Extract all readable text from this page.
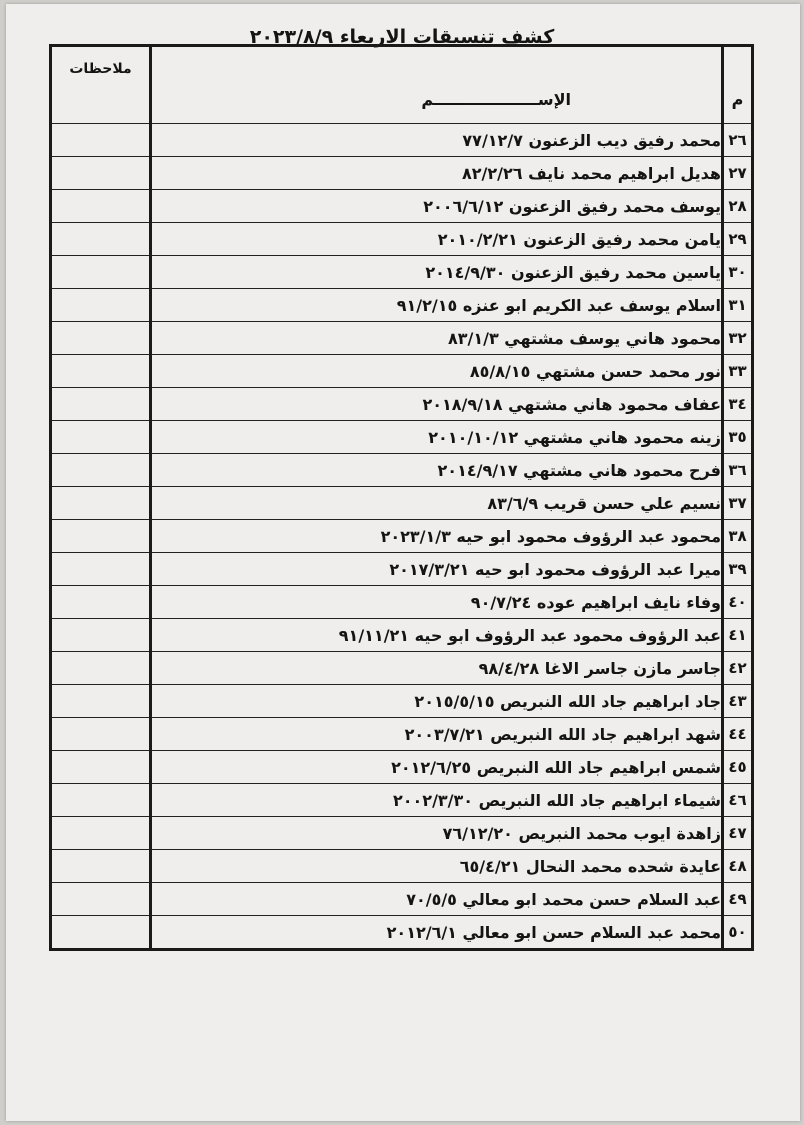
كشف تنسيقات الاربعاء ٢٠٢٣/٨/٩
م	الإســـــــــــــــــــم	ملاحظات
٢٦	محمد رفيق ديب الزعنون ٧٧/١٢/٧	
٢٧	هديل ابراهيم محمد نايف ٨٢/٢/٢٦	
٢٨	يوسف محمد رفيق الزعنون ٢٠٠٦/٦/١٢	
٢٩	يامن محمد رفيق الزعنون ٢٠١٠/٢/٢١	
٣٠	ياسين محمد رفيق الزعنون ٢٠١٤/٩/٣٠	
٣١	اسلام يوسف عبد الكريم ابو عنزه ٩١/٢/١٥	
٣٢	محمود هاني يوسف مشتهي ٨٣/١/٣	
٣٣	نور محمد حسن مشتهي ٨٥/٨/١٥	
٣٤	عفاف محمود هاني مشتهي ٢٠١٨/٩/١٨	
٣٥	زينه محمود هاني مشتهي ٢٠١٠/١٠/١٢	
٣٦	فرح محمود هاني مشتهي ٢٠١٤/٩/١٧	
٣٧	نسيم علي حسن قريب ٨٣/٦/٩	
٣٨	محمود عبد الرؤوف محمود ابو حيه ٢٠٢٣/١/٣	
٣٩	ميرا عبد الرؤوف محمود ابو حيه ٢٠١٧/٣/٢١	
٤٠	وفاء نايف ابراهيم عوده ٩٠/٧/٢٤	
٤١	عبد الرؤوف محمود عبد الرؤوف ابو حيه ٩١/١١/٢١	
٤٢	جاسر مازن جاسر الاغا ٩٨/٤/٢٨	
٤٣	جاد ابراهيم جاد الله النبريص ٢٠١٥/٥/١٥	
٤٤	شهد ابراهيم جاد الله النبريص ٢٠٠٣/٧/٢١	
٤٥	شمس ابراهيم جاد الله النبريص ٢٠١٢/٦/٢٥	
٤٦	شيماء ابراهيم جاد الله النبريص ٢٠٠٢/٣/٣٠	
٤٧	زاهدة ايوب محمد النبريص ٧٦/١٢/٢٠	
٤٨	عايدة شحده محمد النحال ٦٥/٤/٢١	
٤٩	عبد السلام حسن محمد ابو معالي ٧٠/٥/٥	
٥٠	محمد عبد السلام حسن ابو معالي ٢٠١٢/٦/١	
